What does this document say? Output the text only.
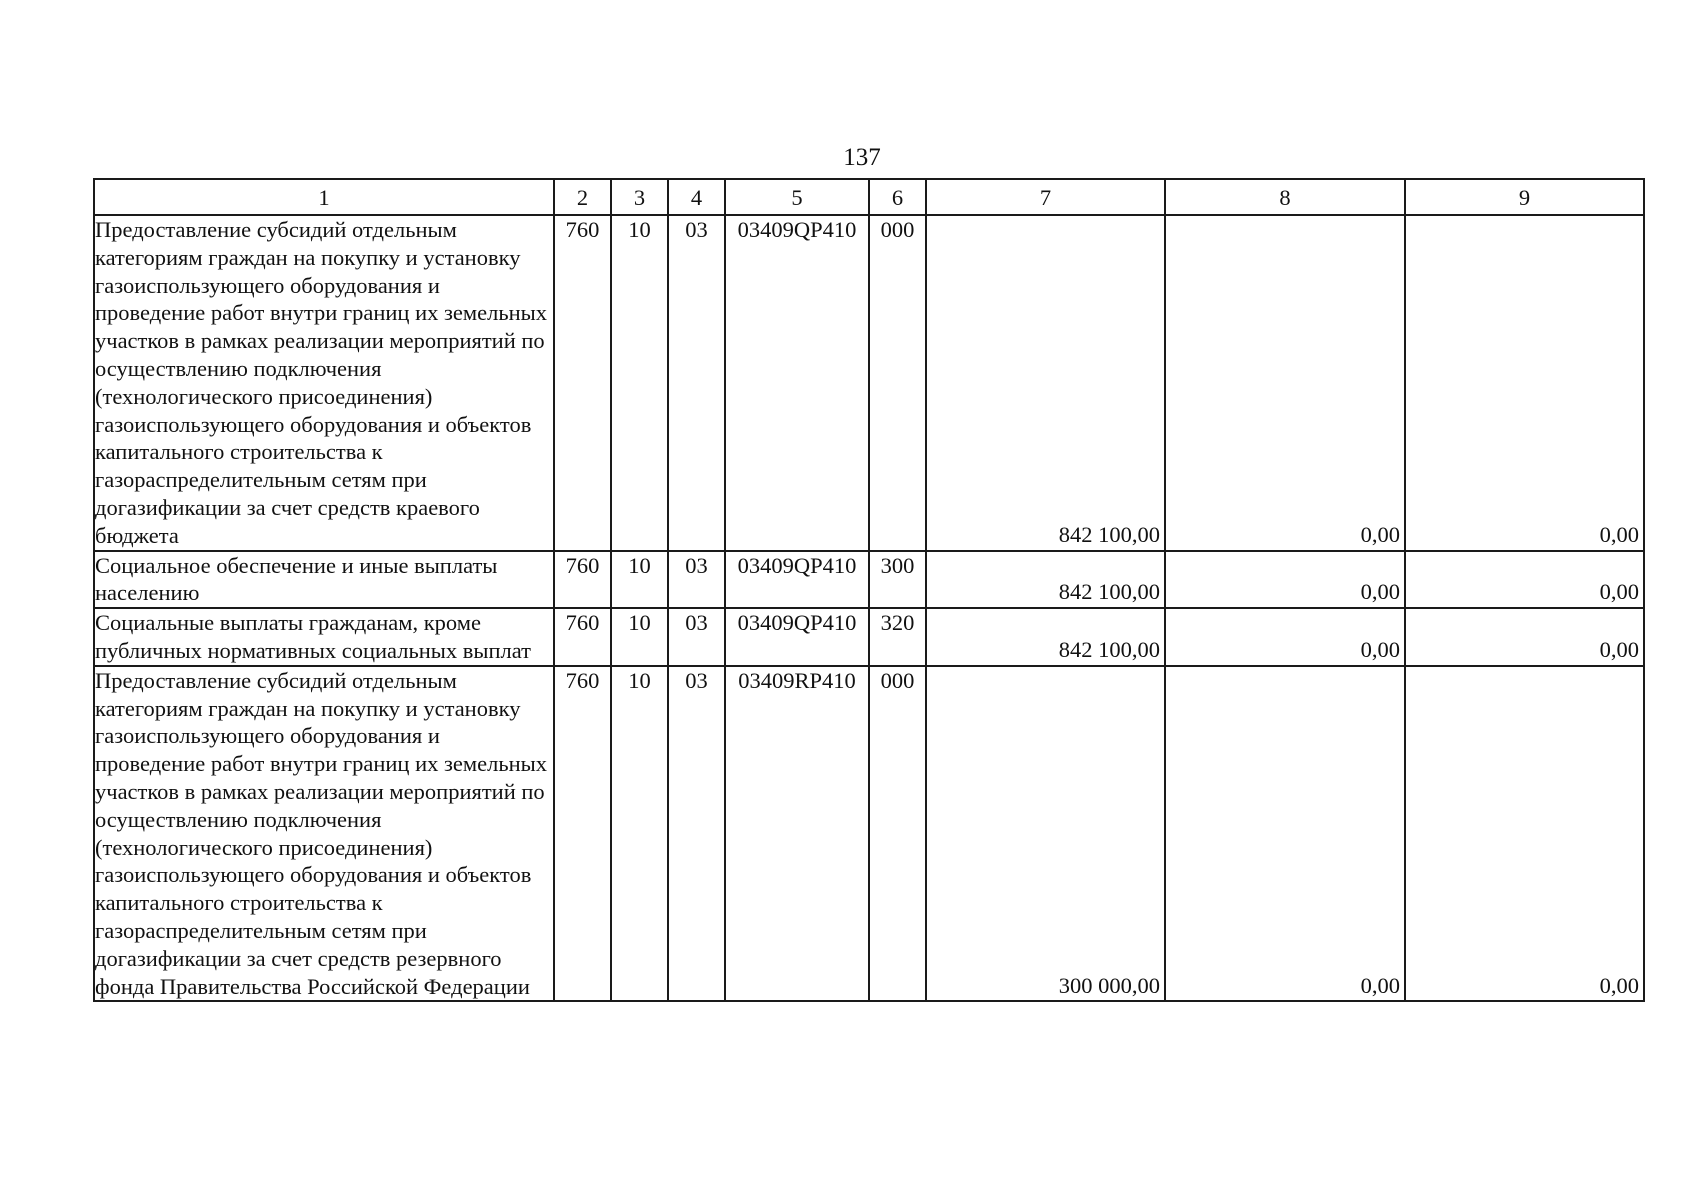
137
1	2	3	4	5	6	7	8	9
Предоставление субсидий отдельным категориям граждан на покупку и установку газоиспользующего оборудования и проведение работ внутри границ их земельных участков в рамках реализации мероприятий по осуществлению подключения (технологического присоединения) газоиспользующего оборудования и объектов капитального строительства к газораспределительным сетям при догазификации за счет средств краевого бюджета	760	10	03	03409QP410	000	842 100,00	0,00	0,00
Социальное обеспечение и иные выплаты населению	760	10	03	03409QP410	300	842 100,00	0,00	0,00
Социальные выплаты гражданам, кроме публичных нормативных социальных выплат	760	10	03	03409QP410	320	842 100,00	0,00	0,00
Предоставление субсидий отдельным категориям граждан на покупку и установку газоиспользующего оборудования и проведение работ внутри границ их земельных участков в рамках реализации мероприятий по осуществлению подключения (технологического присоединения) газоиспользующего оборудования и объектов капитального строительства к газораспределительным сетям при догазификации за счет средств резервного фонда Правительства Российской Федерации	760	10	03	03409RP410	000	300 000,00	0,00	0,00
